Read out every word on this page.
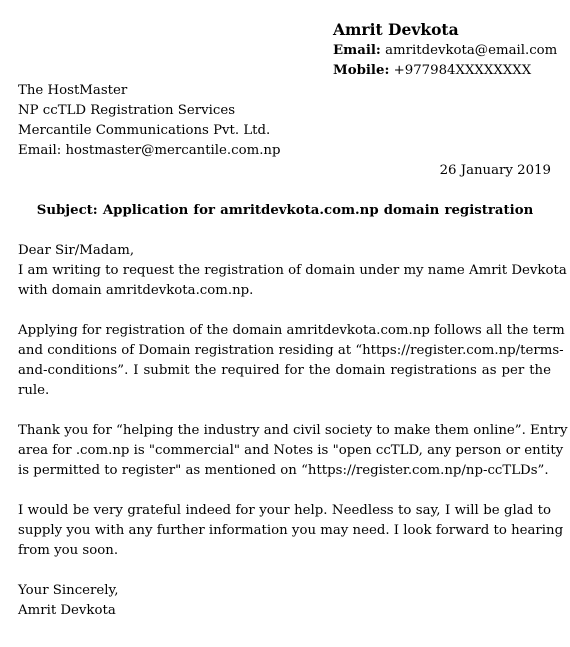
Amrit Devkota
Email: amritdevkota@email.com
Mobile: +977984XXXXXXXX
The HostMaster
NP ccTLD Registration Services
Mercantile Communications Pvt. Ltd.
Email: hostmaster@mercantile.com.np
26 January 2019
Subject: Application for amritdevkota.com.np domain registration
Dear Sir/Madam,
I am writing to request the registration of domain under my name Amrit Devkota
with domain amritdevkota.com.np.
Applying for registration of the domain amritdevkota.com.np follows all the term
and conditions of Domain registration residing at “https://register.com.np/terms-
and-conditions”. I submit the required for the domain registrations as per the
rule.
Thank you for “helping the industry and civil society to make them online”. Entry
area for .com.np is "commercial" and Notes is "open ccTLD, any person or entity
is permitted to register" as mentioned on “https://register.com.np/np-ccTLDs”.
I would be very grateful indeed for your help. Needless to say, I will be glad to
supply you with any further information you may need. I look forward to hearing
from you soon.
Your Sincerely,
Amrit Devkota
